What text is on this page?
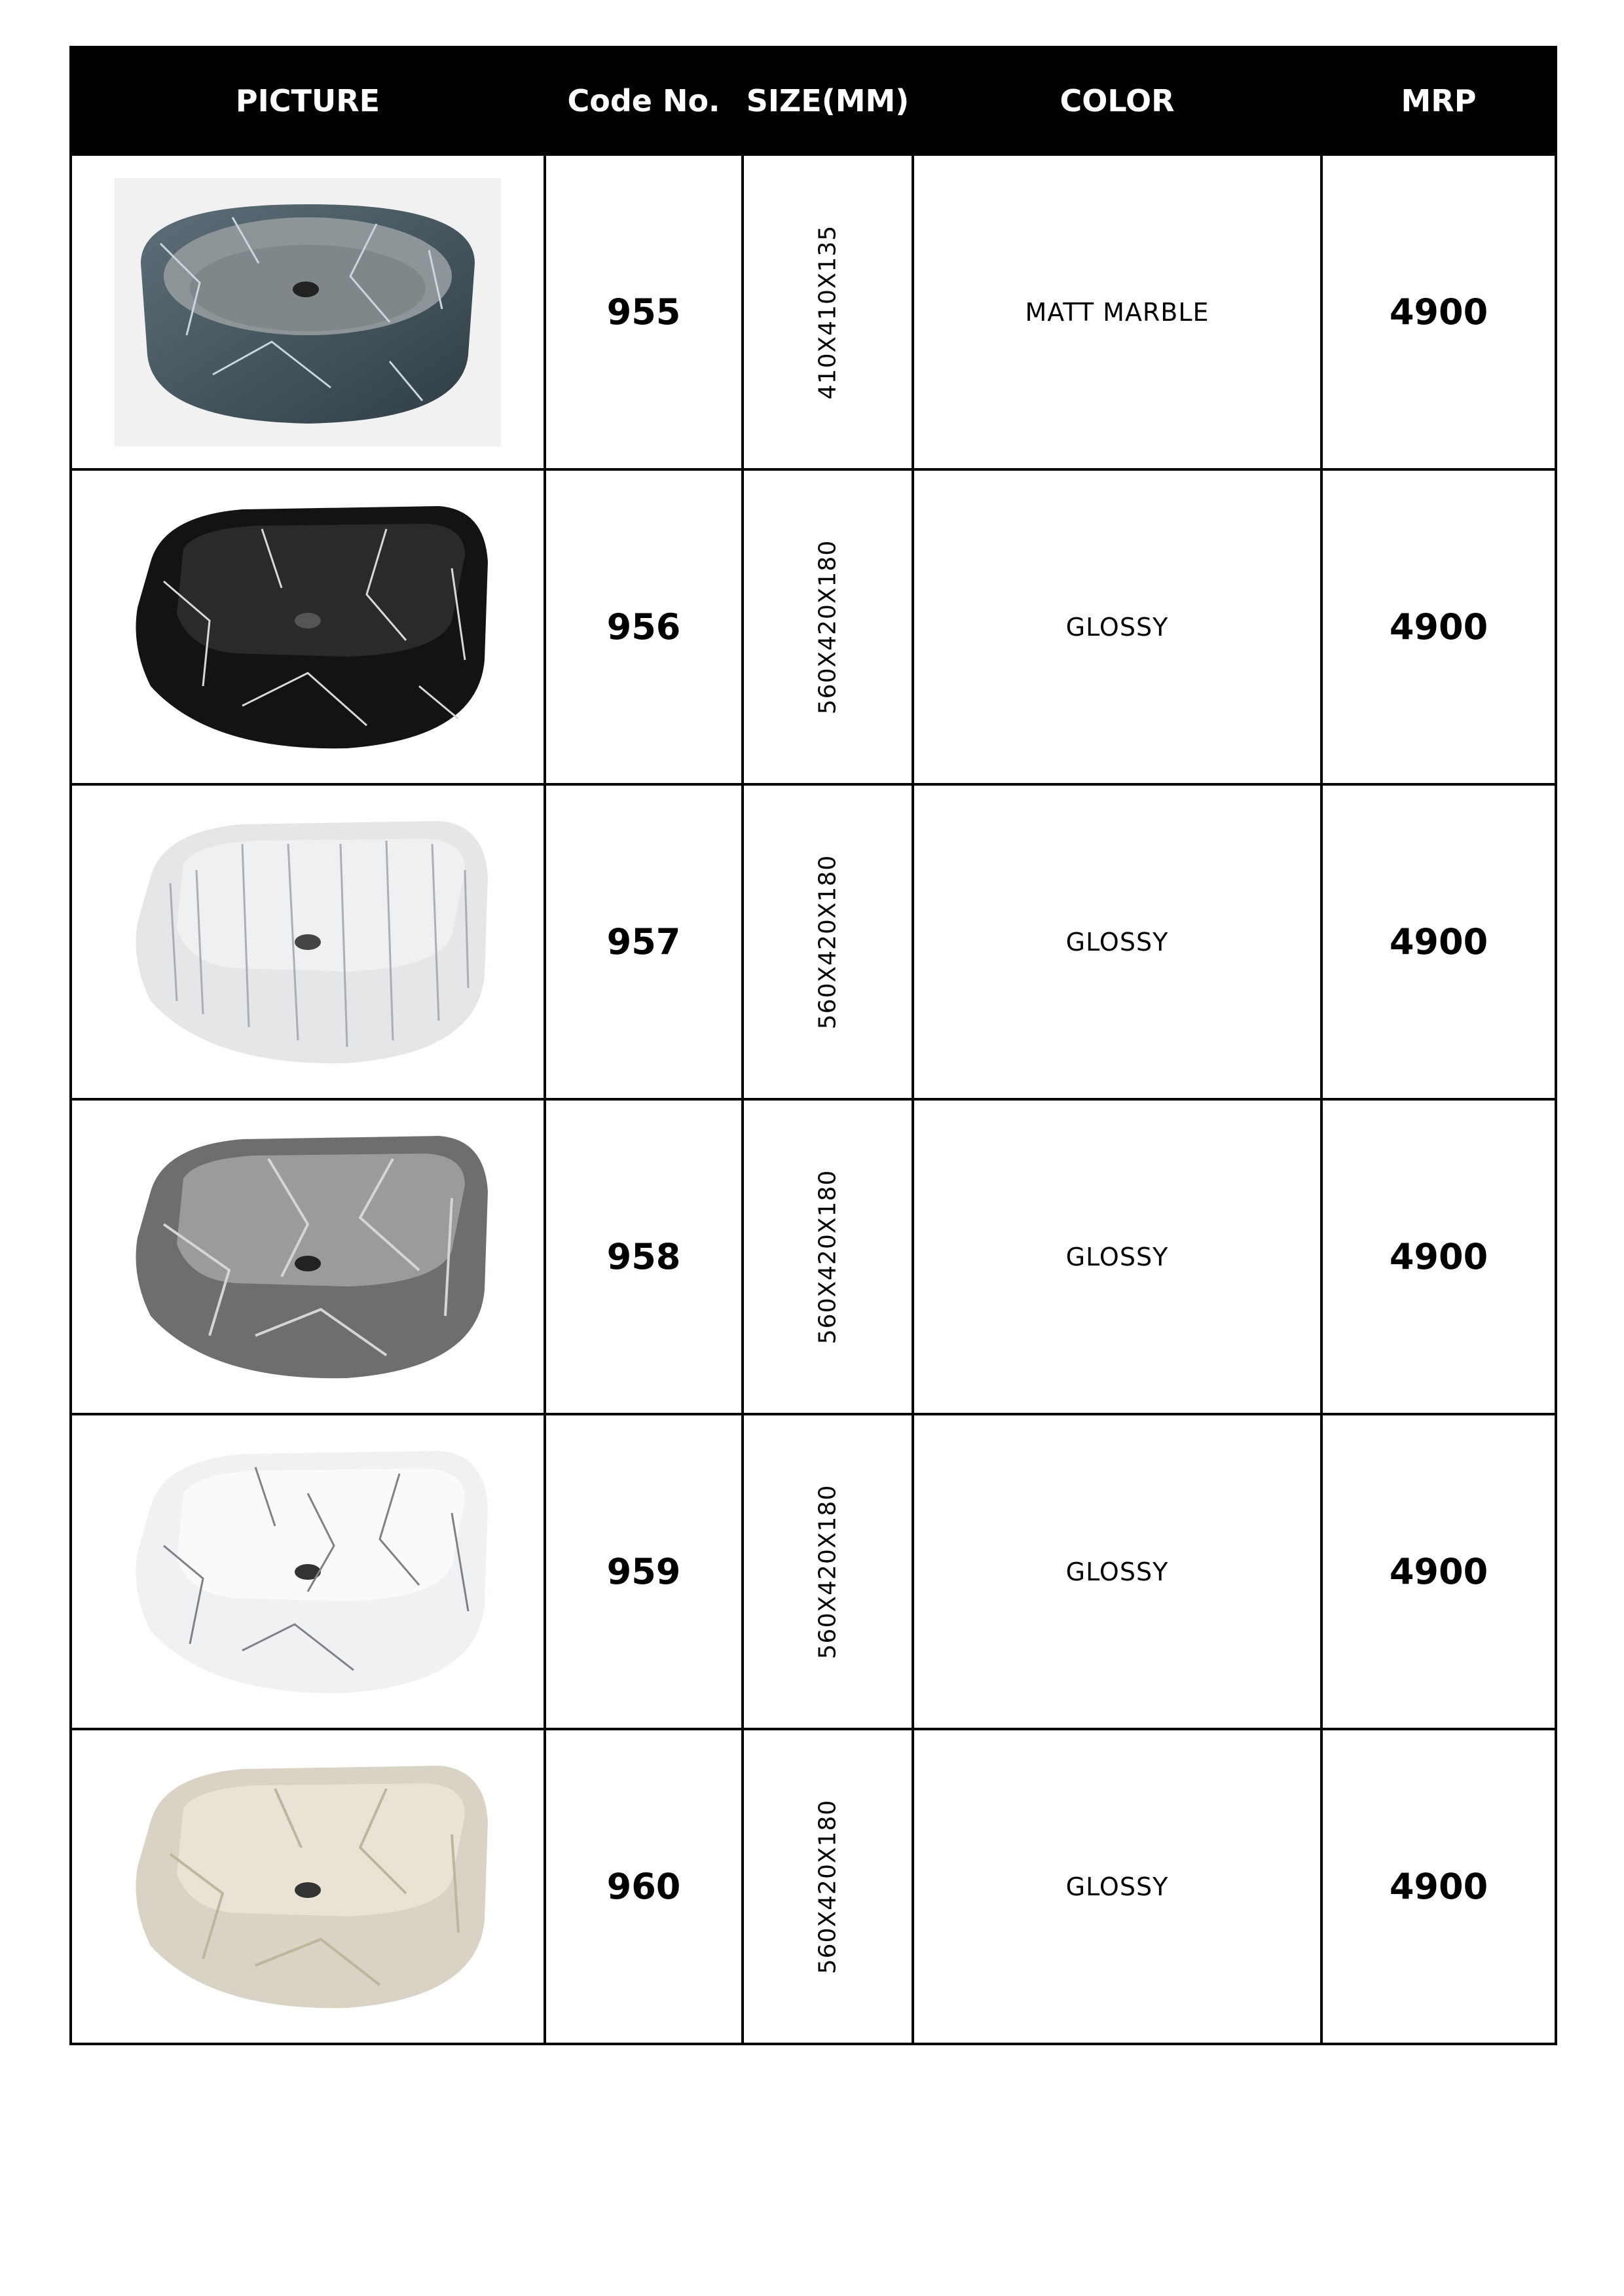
PICTURE	Code No.	SIZE(MM)	COLOR	MRP

	955	410X410X135	MATT MARBLE	4900

	956	560X420X180	GLOSSY	4900

	957	560X420X180	GLOSSY	4900

	958	560X420X180	GLOSSY	4900

	959	560X420X180	GLOSSY	4900

	960	560X420X180	GLOSSY	4900
